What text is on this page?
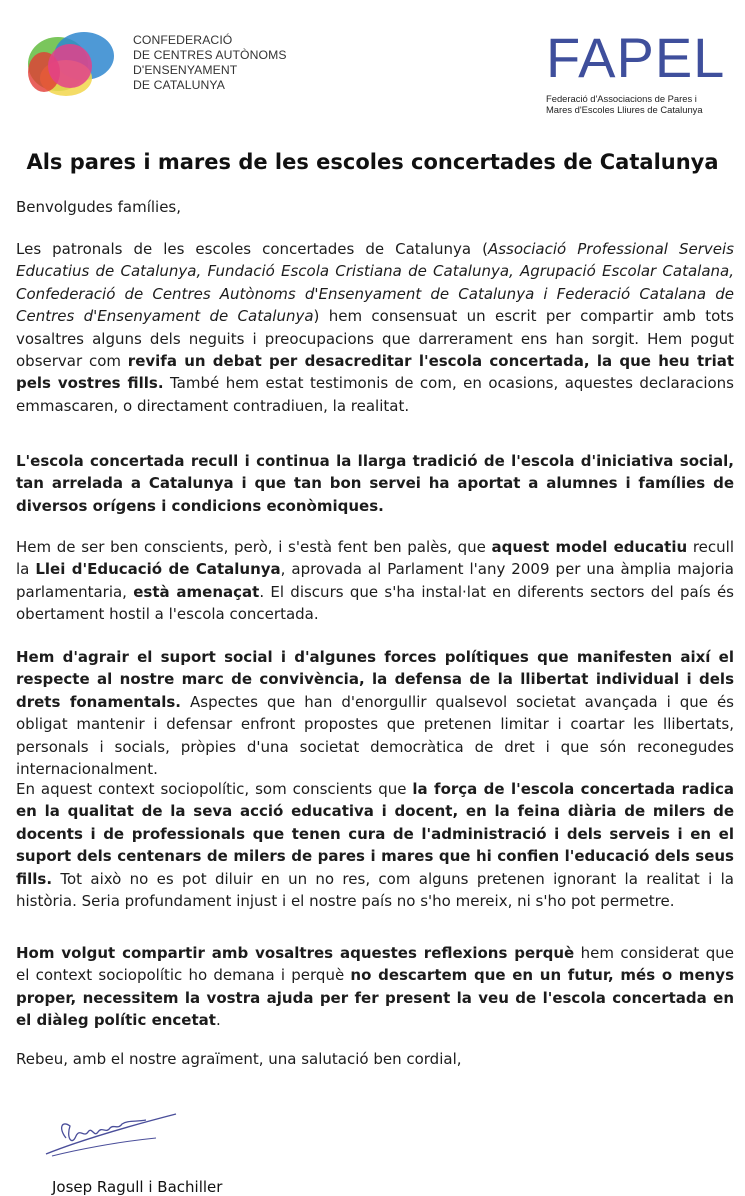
CONFEDERACIÓ
DE CENTRES AUTÒNOMS
D'ENSENYAMENT
DE CATALUNYA	FAPEL
Federació d'Associacions de Pares i
Mares d'Escoles Lliures de Catalunya
Als pares i mares de les escoles concertades de Catalunya
Benvolgudes famílies,
Les patronals de les escoles concertades de Catalunya (Associació Professional Serveis Educatius de Catalunya, Fundació Escola Cristiana de Catalunya, Agrupació Escolar Catalana, Confederació de Centres Autònoms d'Ensenyament de Catalunya i Federació Catalana de Centres d'Ensenyament de Catalunya) hem consensuat un escrit per compartir amb tots vosaltres alguns dels neguits i preocupacions que darrerament ens han sorgit. Hem pogut observar com revifa un debat per desacreditar l'escola concertada, la que heu triat pels vostres fills. També hem estat testimonis de com, en ocasions, aquestes declaracions emmascaren, o directament contradiuen, la realitat.
L'escola concertada recull i continua la llarga tradició de l'escola d'iniciativa social, tan arrelada a Catalunya i que tan bon servei ha aportat a alumnes i famílies de diversos orígens i condicions econòmiques.
Hem de ser ben conscients, però, i s'està fent ben palès, que aquest model educatiu recull la Llei d'Educació de Catalunya, aprovada al Parlament l'any 2009 per una àmplia majoria parlamentaria, està amenaçat. El discurs que s'ha instal·lat en diferents sectors del país és obertament hostil a l'escola concertada.
Hem d'agrair el suport social i d'algunes forces polítiques que manifesten així el respecte al nostre marc de convivència, la defensa de la llibertat individual i dels drets fonamentals. Aspectes que han d'enorgullir qualsevol societat avançada i que és obligat mantenir i defensar enfront propostes que pretenen limitar i coartar les llibertats, personals i socials, pròpies d'una societat democràtica de dret i que són reconegudes internacionalment.
En aquest context sociopolític, som conscients que la força de l'escola concertada radica en la qualitat de la seva acció educativa i docent, en la feina diària de milers de docents i de professionals que tenen cura de l'administració i dels serveis i en el suport dels centenars de milers de pares i mares que hi confien l'educació dels seus fills. Tot això no es pot diluir en un no res, com alguns pretenen ignorant la realitat i la història. Seria profundament injust i el nostre país no s'ho mereix, ni s'ho pot permetre.
Hom volgut compartir amb vosaltres aquestes reflexions perquè hem considerat que el context sociopolític ho demana i perquè no descartem que en un futur, més o menys proper, necessitem la vostra ajuda per fer present la veu de l'escola concertada en el diàleg polític encetat.
Rebeu, amb el nostre agraïment, una salutació ben cordial,
Josep Ragull i Bachiller
